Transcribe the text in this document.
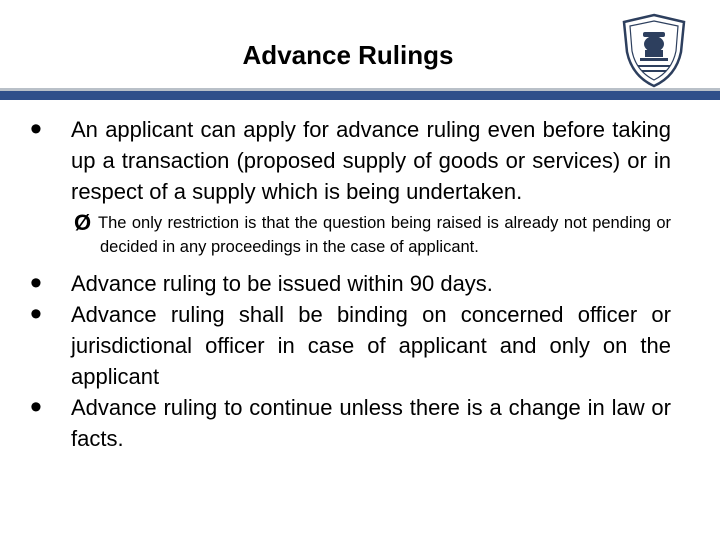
Advance Rulings
•	An applicant can apply for advance ruling even before taking up a transaction (proposed supply of goods or services) or in respect of a supply which is being undertaken.
Ø The only restriction is that the question being raised is already not pending or decided in any proceedings in the case of applicant.
•	Advance ruling to be issued within 90 days.
•	Advance ruling shall be binding on concerned officer or jurisdictional officer in case of applicant and only on the applicant
•	Advance ruling to continue unless there is a change in law or facts.
